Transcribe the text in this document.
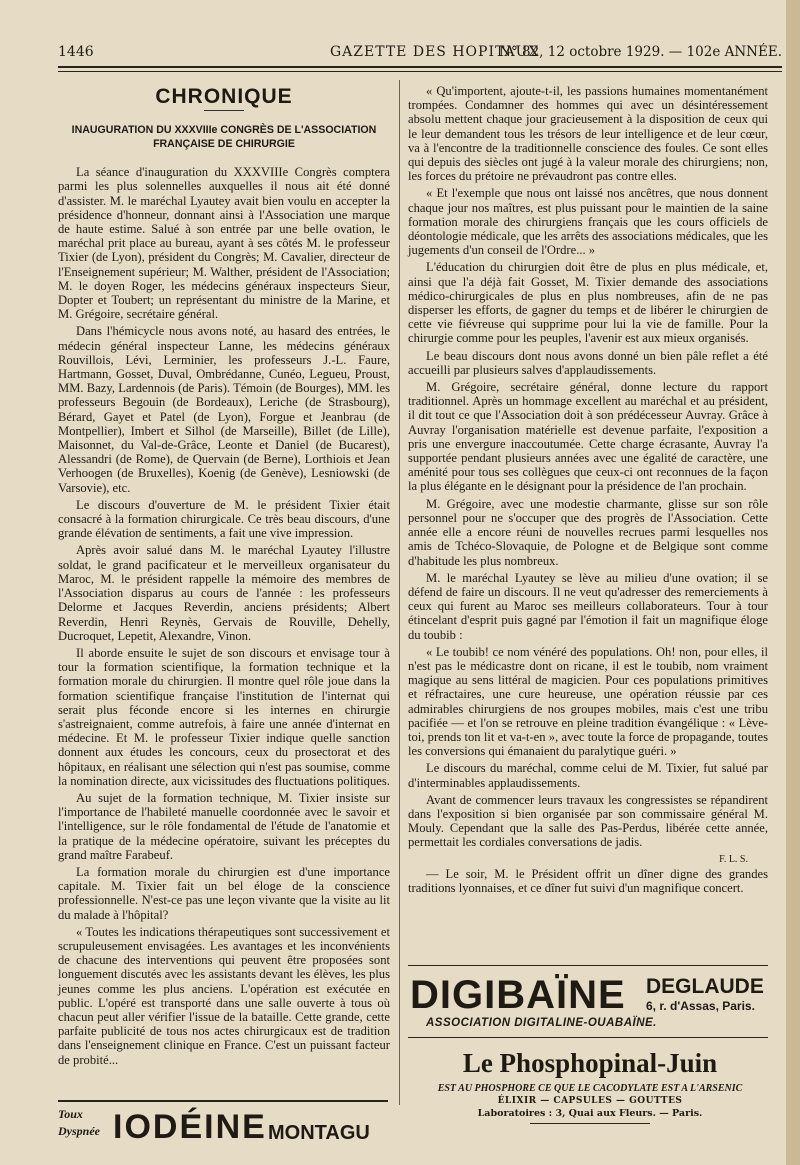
1446	GAZETTE DES HOPITAUX
N° 82, 12 octobre 1929. — 102e ANNÉE.
CHRONIQUE
INAUGURATION DU XXXVIIIe CONGRÈS DE L'ASSOCIATION FRANÇAISE DE CHIRURGIE

La séance d'inauguration du XXXVIIIe Congrès comptera parmi les plus solennelles auxquelles il nous ait été donné d'assister. M. le maréchal Lyautey avait bien voulu en accepter la présidence d'honneur, donnant ainsi à l'Association une marque de haute estime. Salué à son entrée par une belle ovation, le maréchal prit place au bureau, ayant à ses côtés M. le professeur Tixier (de Lyon), président du Congrès; M. Cavalier, directeur de l'Enseignement supérieur; M. Walther, président de l'Association; M. le doyen Roger, les médecins généraux inspecteurs Sieur, Dopter et Toubert; un représentant du ministre de la Marine, et M. Grégoire, secrétaire général.

Dans l'hémicycle nous avons noté, au hasard des entrées, le médecin général inspecteur Lanne, les médecins généraux Rouvillois, Lévi, Lerminier, les professeurs J.-L. Faure, Hartmann, Gosset, Duval, Ombrédanne, Cunéo, Legueu, Proust, MM. Bazy, Lardennois (de Paris). Témoin (de Bourges), MM. les professeurs Begouin (de Bordeaux), Leriche (de Strasbourg), Bérard, Gayet et Patel (de Lyon), Forgue et Jeanbrau (de Montpellier), Imbert et Silhol (de Marseille), Billet (de Lille), Maisonnet, du Val-de-Grâce, Leonte et Daniel (de Bucarest), Alessandri (de Rome), de Quervain (de Berne), Lorthiois et Jean Verhoogen (de Bruxelles), Koenig (de Genève), Lesniowski (de Varsovie), etc.

Le discours d'ouverture de M. le président Tixier était consacré à la formation chirurgicale. Ce très beau discours, d'une grande élévation de sentiments, a fait une vive impression.

Après avoir salué dans M. le maréchal Lyautey l'illustre soldat, le grand pacificateur et le merveilleux organisateur du Maroc, M. le président rappelle la mémoire des membres de l'Association disparus au cours de l'année : les professeurs Delorme et Jacques Reverdin, anciens présidents; Albert Reverdin, Henri Reynès, Gervais de Rouville, Dehelly, Ducroquet, Lepetit, Alexandre, Vinon.

Il aborde ensuite le sujet de son discours et envisage tour à tour la formation scientifique, la formation technique et la formation morale du chirurgien. Il montre quel rôle joue dans la formation scientifique française l'institution de l'internat qui serait plus féconde encore si les internes en chirurgie s'astreignaient, comme autrefois, à faire une année d'internat en médecine. Et M. le professeur Tixier indique quelle sanction donnent aux études les concours, ceux du prosectorat et des hôpitaux, en réalisant une sélection qui n'est pas soumise, comme la nomination directe, aux vicissitudes des fluctuations politiques.

Au sujet de la formation technique, M. Tixier insiste sur l'importance de l'habileté manuelle coordonnée avec le savoir et l'intelligence, sur le rôle fondamental de l'étude de l'anatomie et la pratique de la médecine opératoire, suivant les préceptes du grand maître Farabeuf.

La formation morale du chirurgien est d'une importance capitale. M. Tixier fait un bel éloge de la conscience professionnelle. N'est-ce pas une leçon vivante que la visite au lit du malade à l'hôpital?

« Toutes les indications thérapeutiques sont successivement et scrupuleusement envisagées. Les avantages et les inconvénients de chacune des interventions qui peuvent être proposées sont longuement discutés avec les assistants devant les élèves, les plus jeunes comme les plus anciens. L'opération est exécutée en public. L'opéré est transporté dans une salle ouverte à tous où chacun peut aller vérifier l'issue de la bataille. Cette grande, cette parfaite publicité de tous nos actes chirurgicaux est de tradition dans l'enseignement clinique en France. C'est un puissant facteur de probité...

« Qu'importent, ajoute-t-il, les passions humaines momentanément trompées. Condamner des hommes qui avec un désintéressement absolu mettent chaque jour gracieusement à la disposition de ceux qui le leur demandent tous les trésors de leur intelligence et de leur cœur, va à l'encontre de la traditionnelle conscience des foules. Ce sont elles qui depuis des siècles ont jugé à la valeur morale des chirurgiens; non, les forces du prétoire ne prévaudront pas contre elles.

« Et l'exemple que nous ont laissé nos ancêtres, que nous donnent chaque jour nos maîtres, est plus puissant pour le maintien de la saine formation morale des chirurgiens français que les cours officiels de déontologie médicale, que les arrêts des associations médicales, que les jugements d'un conseil de l'Ordre... »

L'éducation du chirurgien doit être de plus en plus médicale, et, ainsi que l'a déjà fait Gosset, M. Tixier demande des associations médico-chirurgicales de plus en plus nombreuses, afin de ne pas disperser les efforts, de gagner du temps et de libérer le chirurgien de cette vie fiévreuse qui supprime pour lui la vie de famille. Pour la chirurgie comme pour les peuples, l'avenir est aux mieux organisés.

Le beau discours dont nous avons donné un bien pâle reflet a été accueilli par plusieurs salves d'applaudissements.

M. Grégoire, secrétaire général, donne lecture du rapport traditionnel. Après un hommage excellent au maréchal et au président, il dit tout ce que l'Association doit à son prédécesseur Auvray. Grâce à Auvray l'organisation matérielle est devenue parfaite, l'exposition a pris une envergure inaccoutumée. Cette charge écrasante, Auvray l'a supportée pendant plusieurs années avec une égalité de caractère, une aménité pour tous ses collègues que ceux-ci ont reconnues de la façon la plus élégante en le désignant pour la présidence de l'an prochain.

M. Grégoire, avec une modestie charmante, glisse sur son rôle personnel pour ne s'occuper que des progrès de l'Association. Cette année elle a encore réuni de nouvelles recrues parmi lesquelles nos amis de Tchéco-Slovaquie, de Pologne et de Belgique sont comme d'habitude les plus nombreux.

M. le maréchal Lyautey se lève au milieu d'une ovation; il se défend de faire un discours. Il ne veut qu'adresser des remerciements à ceux qui furent au Maroc ses meilleurs collaborateurs. Tour à tour étincelant d'esprit puis gagné par l'émotion il fait un magnifique éloge du toubib :

« Le toubib! ce nom vénéré des populations. Oh! non, pour elles, il n'est pas le médicastre dont on ricane, il est le toubib, nom vraiment magique au sens littéral de magicien. Pour ces populations primitives et réfractaires, une cure heureuse, une opération réussie par ces admirables chirurgiens de nos groupes mobiles, mais c'est une tribu pacifiée — et l'on se retrouve en pleine tradition évangélique : « Lève-toi, prends ton lit et va-t-en », avec toute la force de propagande, toutes les conversions qui émanaient du paralytique guéri. »

Le discours du maréchal, comme celui de M. Tixier, fut salué par d'interminables applaudissements.

Avant de commencer leurs travaux les congressistes se répandirent dans l'exposition si bien organisée par son commissaire général M. Mouly. Cependant que la salle des Pas-Perdus, libérée cette année, permettait les cordiales conversations de jadis.

F. L. S.

— Le soir, M. le Président offrit un dîner digne des grandes traditions lyonnaises, et ce dîner fut suivi d'un magnifique concert.

DIGIBAÏNE DEGLAUDE
6, r. d'Assas, Paris.
ASSOCIATION DIGITALINE-OUABAÏNE.
Le Phosphopinal-Juin
EST AU PHOSPHORE CE QUE LE CACODYLATE EST A L'ARSENIC
ÉLIXIR — CAPSULES — GOUTTES
Laboratoires : 3, Quai aux Fleurs. — Paris.
Toux
Dyspnée IODÉINE MONTAGU
